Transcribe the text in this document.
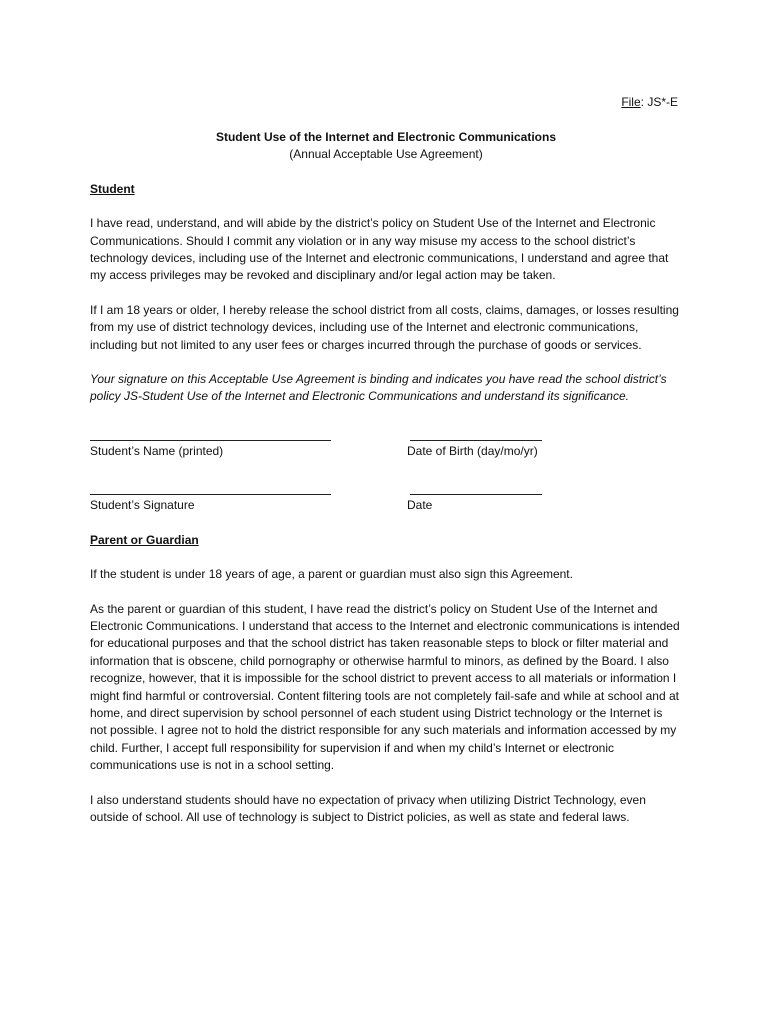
File: JS*-E

Student Use of the Internet and Electronic Communications

(Annual Acceptable Use Agreement)

Student

I have read, understand, and will abide by the district’s policy on Student Use of the Internet and Electronic Communications. Should I commit any violation or in any way misuse my access to the school district’s technology devices, including use of the Internet and electronic communications, I understand and agree that my access privileges may be revoked and disciplinary and/or legal action may be taken.

If I am 18 years or older, I hereby release the school district from all costs, claims, damages, or losses resulting from my use of district technology devices, including use of the Internet and electronic communications, including but not limited to any user fees or charges incurred through the purchase of goods or services.

Your signature on this Acceptable Use Agreement is binding and indicates you have read the school district’s policy JS-Student Use of the Internet and Electronic Communications and understand its significance.

Student’s Name (printed)	Date of Birth (day/mo/yr)
Student’s Signature	Date

Parent or Guardian

If the student is under 18 years of age, a parent or guardian must also sign this Agreement.

As the parent or guardian of this student, I have read the district’s policy on Student Use of the Internet and Electronic Communications. I understand that access to the Internet and electronic communications is intended for educational purposes and that the school district has taken reasonable steps to block or filter material and information that is obscene, child pornography or otherwise harmful to minors, as defined by the Board. I also recognize, however, that it is impossible for the school district to prevent access to all materials or information I might find harmful or controversial. Content filtering tools are not completely fail-safe and while at school and at home, and direct supervision by school personnel of each student using District technology or the Internet is not possible. I agree not to hold the district responsible for any such materials and information accessed by my child. Further, I accept full responsibility for supervision if and when my child’s Internet or electronic communications use is not in a school setting.

I also understand students should have no expectation of privacy when utilizing District Technology, even outside of school. All use of technology is subject to District policies, as well as state and federal laws.
